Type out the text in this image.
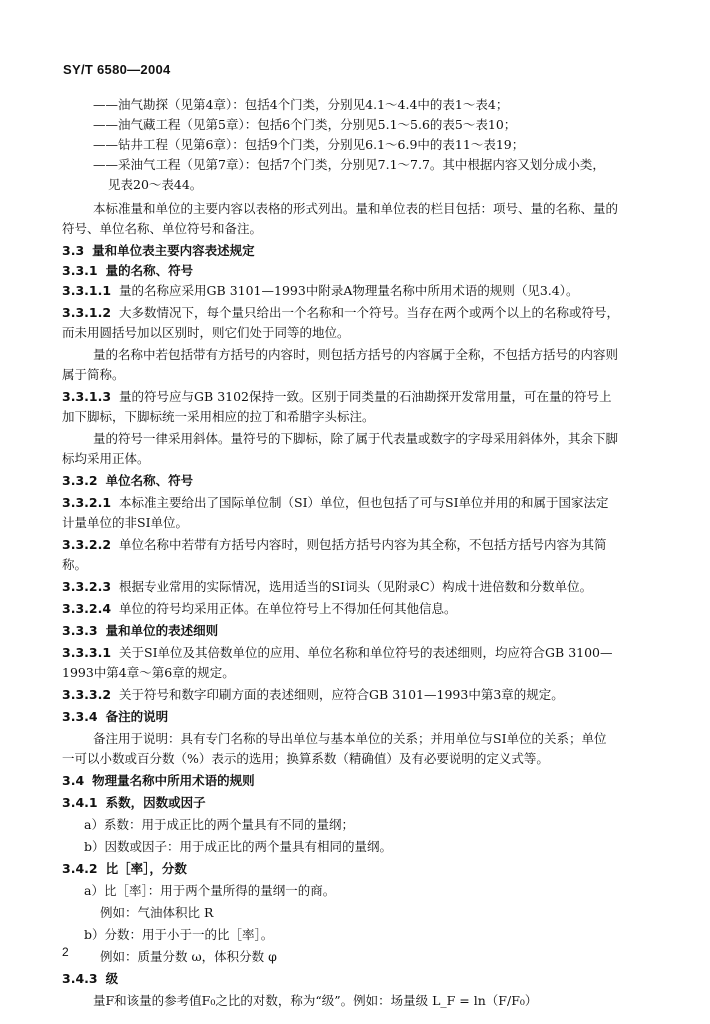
SY/T 6580—2004
——油气勘探（见第4章）：包括4个门类，分别见4.1～4.4中的表1～表4；
——油气藏工程（见第5章）：包括6个门类，分别见5.1～5.6的表5～表10；
——钻井工程（见第6章）：包括9个门类，分别见6.1～6.9中的表11～表19；
——采油气工程（见第7章）：包括7个门类，分别见7.1～7.7。其中根据内容又划分成小类，
见表20～表44。
本标准量和单位的主要内容以表格的形式列出。量和单位表的栏目包括：项号、量的名称、量的
符号、单位名称、单位符号和备注。
3.3 量和单位表主要内容表述规定
3.3.1 量的名称、符号
3.3.1.1 量的名称应采用GB 3101—1993中附录A物理量名称中所用术语的规则（见3.4）。
3.3.1.2 大多数情况下，每个量只给出一个名称和一个符号。当存在两个或两个以上的名称或符号，
而未用圆括号加以区别时，则它们处于同等的地位。
量的名称中若包括带有方括号的内容时，则包括方括号的内容属于全称，不包括方括号的内容则
属于简称。
3.3.1.3 量的符号应与GB 3102保持一致。区别于同类量的石油勘探开发常用量，可在量的符号上
加下脚标，下脚标统一采用相应的拉丁和希腊字头标注。
量的符号一律采用斜体。量符号的下脚标，除了属于代表量或数字的字母采用斜体外，其余下脚
标均采用正体。
3.3.2 单位名称、符号
3.3.2.1 本标准主要给出了国际单位制（SI）单位，但也包括了可与SI单位并用的和属于国家法定
计量单位的非SI单位。
3.3.2.2 单位名称中若带有方括号内容时，则包括方括号内容为其全称，不包括方括号内容为其简
称。
3.3.2.3 根据专业常用的实际情况，选用适当的SI词头（见附录C）构成十进倍数和分数单位。
3.3.2.4 单位的符号均采用正体。在单位符号上不得加任何其他信息。
3.3.3 量和单位的表述细则
3.3.3.1 关于SI单位及其倍数单位的应用、单位名称和单位符号的表述细则，均应符合GB 3100—
1993中第4章～第6章的规定。
3.3.3.2 关于符号和数字印刷方面的表述细则，应符合GB 3101—1993中第3章的规定。
3.3.4 备注的说明
备注用于说明：具有专门名称的导出单位与基本单位的关系；并用单位与SI单位的关系；单位
一可以小数或百分数（%）表示的选用；换算系数（精确值）及有必要说明的定义式等。
3.4 物理量名称中所用术语的规则
3.4.1 系数，因数或因子
a）系数：用于成正比的两个量具有不同的量纲；
b）因数或因子：用于成正比的两个量具有相同的量纲。
3.4.2 比［率］，分数
a）比［率］：用于两个量所得的量纲一的商。
例如：气油体积比 R
b）分数：用于小于一的比［率］。
例如：质量分数 ω，体积分数 φ
3.4.3 级
量F和该量的参考值F₀之比的对数，称为“级”。例如：场量级 L_F = ln（F/F₀）
2
